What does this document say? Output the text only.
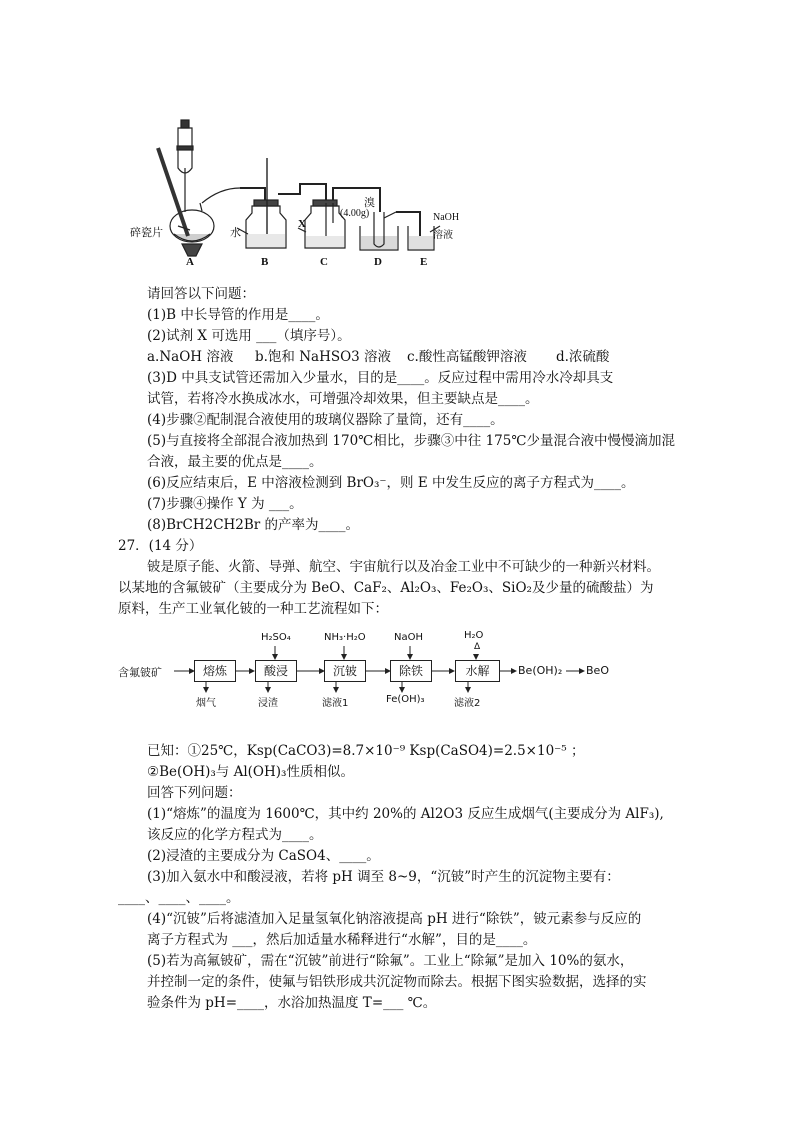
碎瓷片	水
X
溴
(4.00g)	NaOH
溶液
A	B	C	D	E
请回答以下问题：
(1)B 中长导管的作用是____。
(2)试剂 X 可选用 ___（填序号）。
a.NaOH 溶液 b.饱和 NaHSO3 溶液 c.酸性高锰酸钾溶液 d.浓硫酸
(3)D 中具支试管还需加入少量水，目的是____。反应过程中需用冷水冷却具支
试管，若将冷水换成冰水，可增强冷却效果，但主要缺点是____。
(4)步骤②配制混合液使用的玻璃仪器除了量筒，还有____。
(5)与直接将全部混合液加热到 170℃相比，步骤③中往 175℃少量混合液中慢慢滴加混
合液，最主要的优点是____。
(6)反应结束后，E 中溶液检测到 BrO₃⁻，则 E 中发生反应的离子方程式为____。
(7)步骤④操作 Y 为 ___。
(8)BrCH2CH2Br 的产率为____。
27．(14 分）
铍是原子能、火箭、导弹、航空、宇宙航行以及冶金工业中不可缺少的一种新兴材料。
以某地的含氟铍矿（主要成分为 BeO、CaF₂、Al₂O₃、Fe₂O₃、SiO₂及少量的硫酸盐）为
原料，生产工业氧化铍的一种工艺流程如下：
含氟铍矿	熔炼	酸浸	沉铍	除铁	水解
H₂SO₄	NH₃·H₂O	NaOH	H₂O
Δ
烟气	浸渣	滤液1	Fe(OH)₃	滤液2
Be(OH)₂ BeO
已知：①25℃，Ksp(CaCO3)=8.7×10⁻⁹ Ksp(CaSO4)=2.5×10⁻⁵ ；
②Be(OH)₃与 Al(OH)₃性质相似。
回答下列问题：
(1)“熔炼”的温度为 1600℃，其中约 20%的 Al2O3 反应生成烟气(主要成分为 AlF₃),
该反应的化学方程式为____。
(2)浸渣的主要成分为 CaSO4、____。
(3)加入氨水中和酸浸液，若将 pH 调至 8~9，“沉铍”时产生的沉淀物主要有：
____、____、____。
(4)“沉铍”后将滤渣加入足量氢氧化钠溶液提高 pH 进行“除铁”，铍元素参与反应的
离子方程式为 ___，然后加适量水稀释进行“水解”，目的是____。
(5)若为高氟铍矿，需在“沉铍”前进行“除氟”。工业上“除氟”是加入 10%的氨水，
并控制一定的条件，使氟与铝铁形成共沉淀物而除去。根据下图实验数据，选择的实
验条件为 pH=____，水浴加热温度 T=___ ℃。
